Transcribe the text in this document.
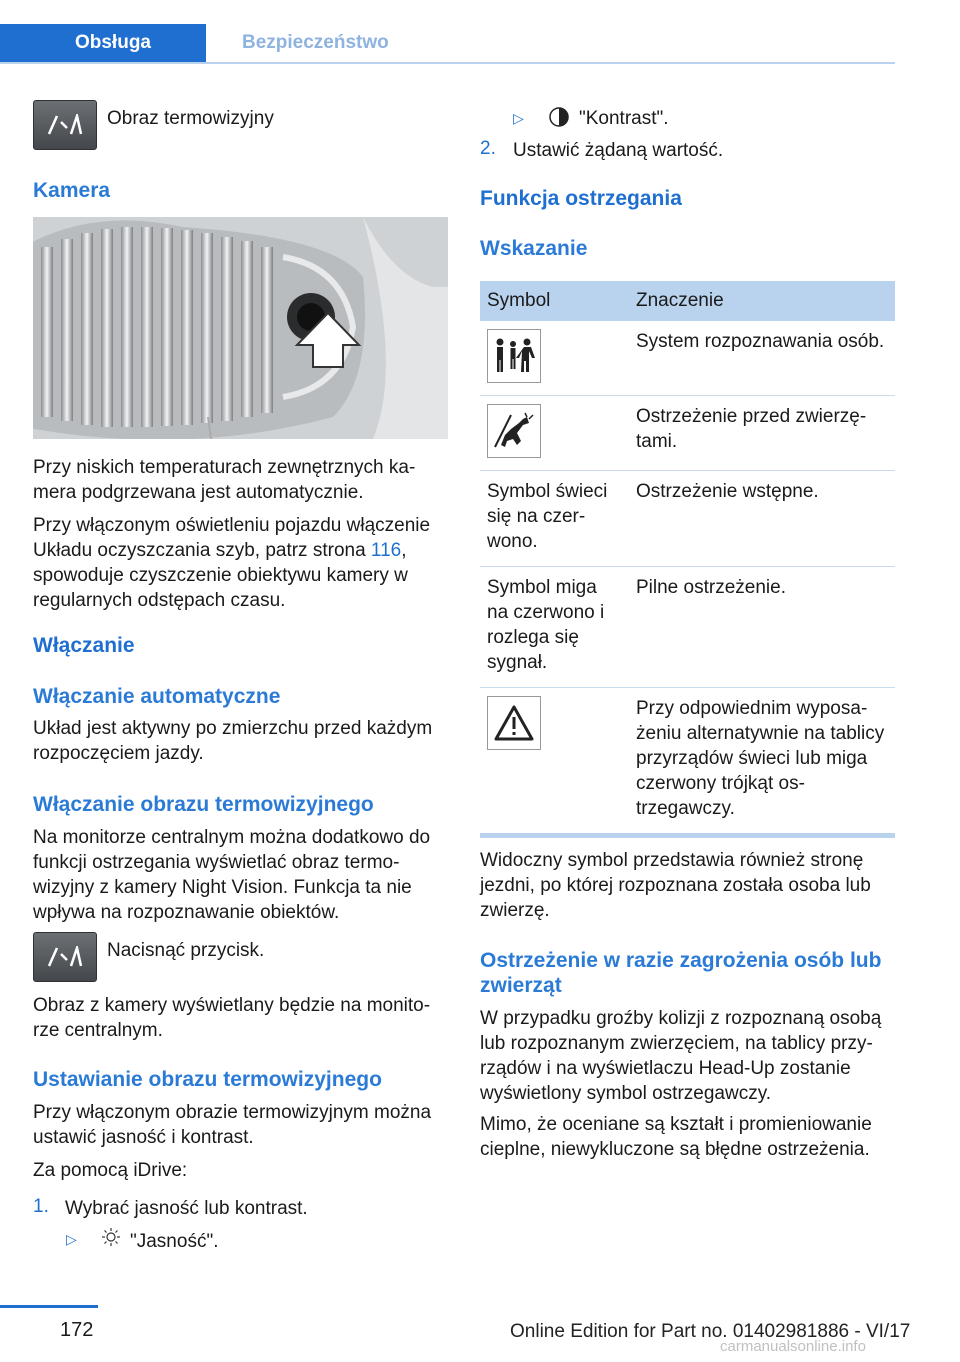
Obsługa	Bezpieczeństwo

Obraz termowizyjny

Kamera

Przy niskich temperaturach zewnętrznych kamera podgrzewana jest automatycznie.

Przy włączonym oświetleniu pojazdu włączenie Układu oczyszczania szyb, patrz strona 116, spowoduje czyszczenie obiektywu kamery w regularnych odstępach czasu.

Włączanie
Włączanie automatyczne

Układ jest aktywny po zmierzchu przed każdym rozpoczęciem jazdy.

Włączanie obrazu termowizyjnego

Na monitorze centralnym można dodatkowo do funkcji ostrzegania wyświetlać obraz termowizyjny z kamery Night Vision. Funkcja ta nie wpływa na rozpoznawanie obiektów.

Nacisnąć przycisk.

Obraz z kamery wyświetlany będzie na monitorze centralnym.

Ustawianie obrazu termowizyjnego

Przy włączonym obrazie termowizyjnym można ustawić jasność i kontrast.

Za pomocą iDrive:

1. Wybrać jasność lub kontrast.

▷	"Jasność".

▷	"Kontrast".

2. Ustawić żądaną wartość.

Funkcja ostrzegania
Wskazanie
Symbol	Znaczenie

	System rozpoznawania osób.

	Ostrzeżenie przed zwierzętami.
Symbol świeci się na czerwono.	Ostrzeżenie wstępne.
Symbol miga na czerwono i rozlega się sygnał.	Pilne ostrzeżenie.

	Przy odpowiednim wyposażeniu alternatywnie na tablicy przyrządów świeci lub miga czerwony trójkąt ostrzegawczy.

Widoczny symbol przedstawia również stronę jezdni, po której rozpoznana została osoba lub zwierzę.

Ostrzeżenie w razie zagrożenia osób lub zwierząt

W przypadku groźby kolizji z rozpoznaną osobą lub rozpoznanym zwierzęciem, na tablicy przyrządów i na wyświetlaczu Head-Up zostanie wyświetlony symbol ostrzegawczy.

Mimo, że oceniane są kształt i promieniowanie cieplne, niewykluczone są błędne ostrzeżenia.

172	Online Edition for Part no. 01402981886 - VI/17
carmanualsonline.info
